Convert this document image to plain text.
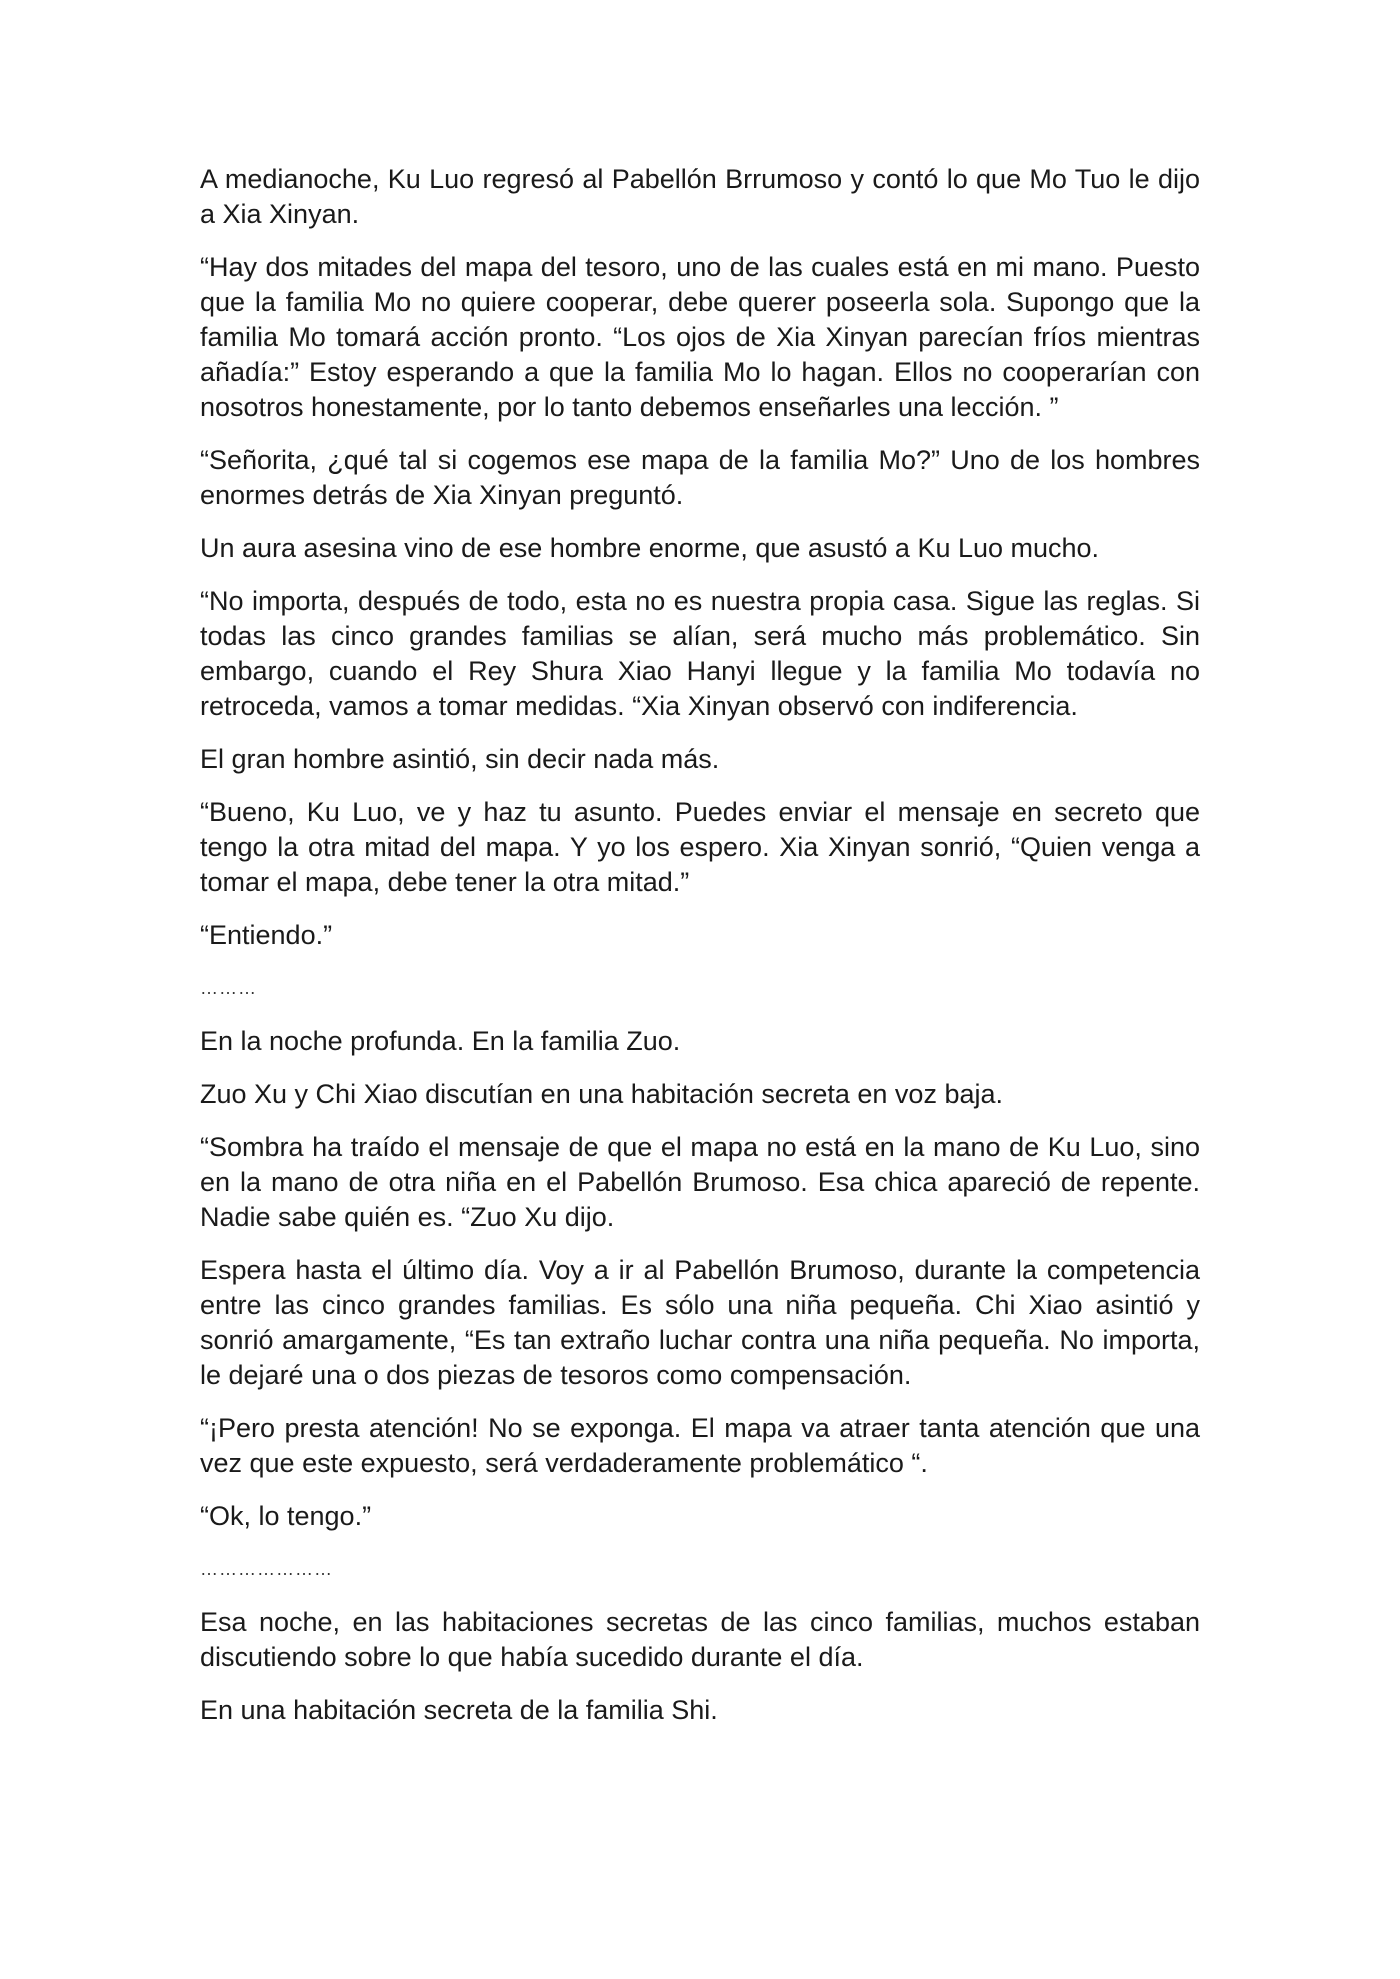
A medianoche, Ku Luo regresó al Pabellón Brrumoso y contó lo que Mo Tuo le dijo a Xia Xinyan.

“Hay dos mitades del mapa del tesoro, uno de las cuales está en mi mano. Puesto que la familia Mo no quiere cooperar, debe querer poseerla sola. Supongo que la familia Mo tomará acción pronto. “Los ojos de Xia Xinyan parecían fríos mientras añadía:” Estoy esperando a que la familia Mo lo hagan. Ellos no cooperarían con nosotros honestamente, por lo tanto debemos enseñarles una lección. ”

“Señorita, ¿qué tal si cogemos ese mapa de la familia Mo?” Uno de los hombres enormes detrás de Xia Xinyan preguntó.

Un aura asesina vino de ese hombre enorme, que asustó a Ku Luo mucho.

“No importa, después de todo, esta no es nuestra propia casa. Sigue las reglas. Si todas las cinco grandes familias se alían, será mucho más problemático. Sin embargo, cuando el Rey Shura Xiao Hanyi llegue y la familia Mo todavía no retroceda, vamos a tomar medidas. “Xia Xinyan observó con indiferencia.

El gran hombre asintió, sin decir nada más.

“Bueno, Ku Luo, ve y haz tu asunto. Puedes enviar el mensaje en secreto que tengo la otra mitad del mapa. Y yo los espero. Xia Xinyan sonrió, “Quien venga a tomar el mapa, debe tener la otra mitad.”

“Entiendo.”

………

En la noche profunda. En la familia Zuo.

Zuo Xu y Chi Xiao discutían en una habitación secreta en voz baja.

“Sombra ha traído el mensaje de que el mapa no está en la mano de Ku Luo, sino en la mano de otra niña en el Pabellón Brumoso. Esa chica apareció de repente. Nadie sabe quién es. “Zuo Xu dijo.

Espera hasta el último día. Voy a ir al Pabellón Brumoso, durante la competencia entre las cinco grandes familias. Es sólo una niña pequeña. Chi Xiao asintió y sonrió amargamente, “Es tan extraño luchar contra una niña pequeña. No importa, le dejaré una o dos piezas de tesoros como compensación.

“¡Pero presta atención! No se exponga. El mapa va atraer tanta atención que una vez que este expuesto, será verdaderamente problemático “.

“Ok, lo tengo.”

…………………

Esa noche, en las habitaciones secretas de las cinco familias, muchos estaban discutiendo sobre lo que había sucedido durante el día.

En una habitación secreta de la familia Shi.
